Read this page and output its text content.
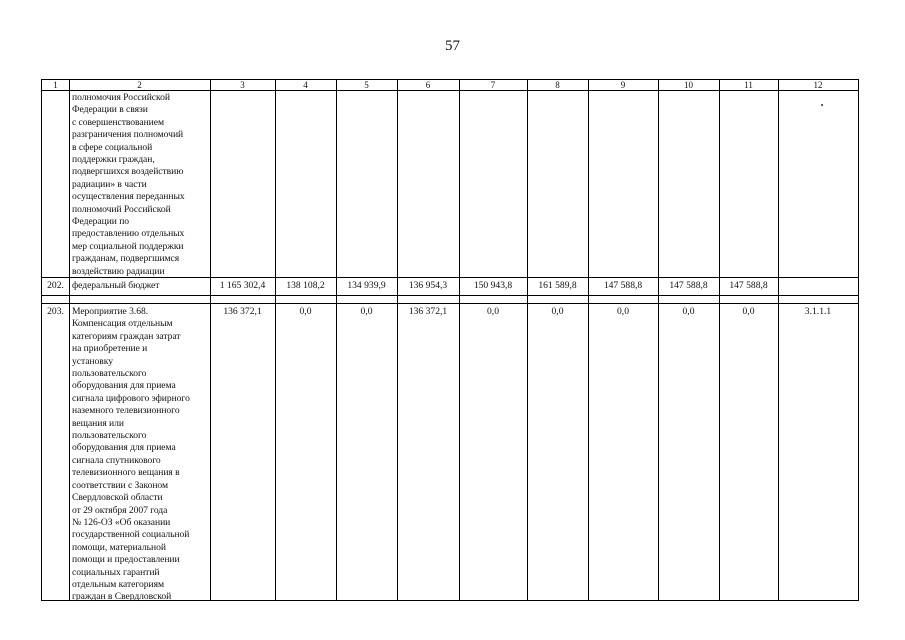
57
1	2	3	4	5	6	7	8	9	10	11	12
полномочия Российской
Федерации в связи
с совершенствованием
разграничения полномочий
в сфере социальной
поддержки граждан,
подвергшихся воздействию
радиации» в части
осуществления переданных
полномочий Российской
Федерации по
предоставлению отдельных
мер социальной поддержки
гражданам, подвергшимся
воздействию радиации
202. федеральный бюджет	1 165 302,4	138 108,2	134 939,9	136 954,3	150 943,8	161 589,8	147 588,8	147 588,8	147 588,8
203. Мероприятие 3.68.
Компенсация отдельным
категориям граждан затрат
на приобретение и
установку
пользовательского
оборудования для приема
сигнала цифрового эфирного
наземного телевизионного
вещания или
пользовательского
оборудования для приема
сигнала спутникового
телевизионного вещания в
соответствии с Законом
Свердловской области
от 29 октября 2007 года
№ 126-ОЗ «Об оказании
государственной социальной
помощи, материальной
помощи и предоставлении
социальных гарантий
отдельным категориям
граждан в Свердловской
136 372,1	0,0	0,0	136 372,1	0,0	0,0	0,0	0,0	0,0	3.1.1.1
